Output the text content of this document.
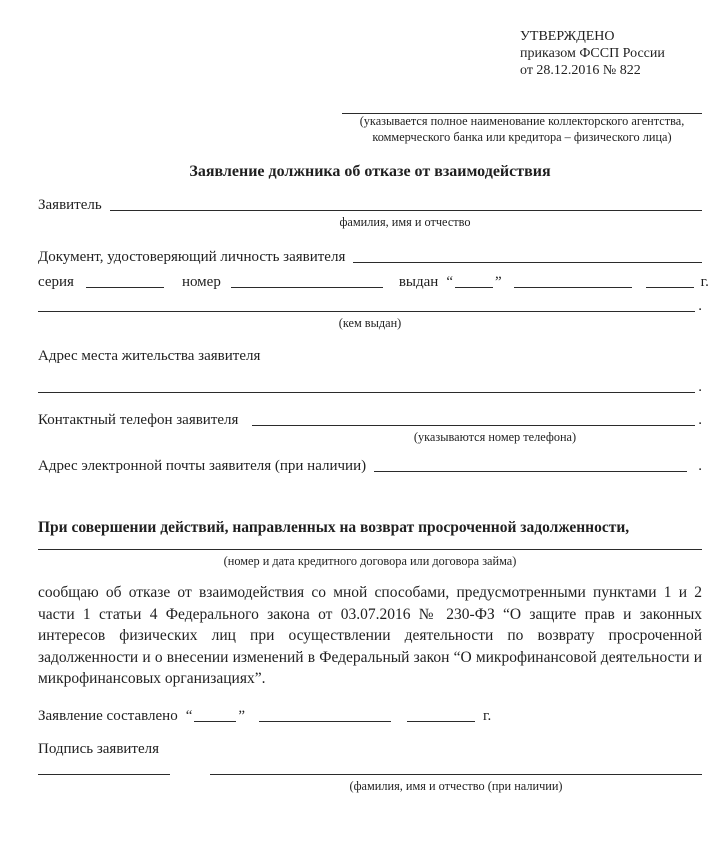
УТВЕРЖДЕНО
приказом ФССП России
от 28.12.2016 № 822
(указывается полное наименование коллекторского агентства,
коммерческого банка или кредитора – физического лица)
Заявление должника об отказе от взаимодействия
Заявитель
фамилия, имя и отчество
Документ, удостоверяющий личность заявителя
серия	номер	выдан “	”	г.
.
(кем выдан)
Адрес места жительства заявителя
.
Контактный телефон заявителя	.
(указываются номер телефона)
Адрес электронной почты заявителя (при наличии)	.
При совершении действий, направленных на возврат просроченной задолженности,
(номер и дата кредитного договора или договора займа)

сообщаю об отказе от взаимодействия со мной способами, предусмотренными пунктами 1 и 2 части 1 статьи 4 Федерального закона от 03.07.2016 № 230-ФЗ “О защите прав и законных интересов физических лиц при осуществлении деятельности по возврату просроченной задолженности и о внесении изменений в Федеральный закон “О микрофинансовой деятельности и микрофинансовых организациях”.

Заявление составлено “	”	г.
Подпись заявителя
(фамилия, имя и отчество (при наличии)
